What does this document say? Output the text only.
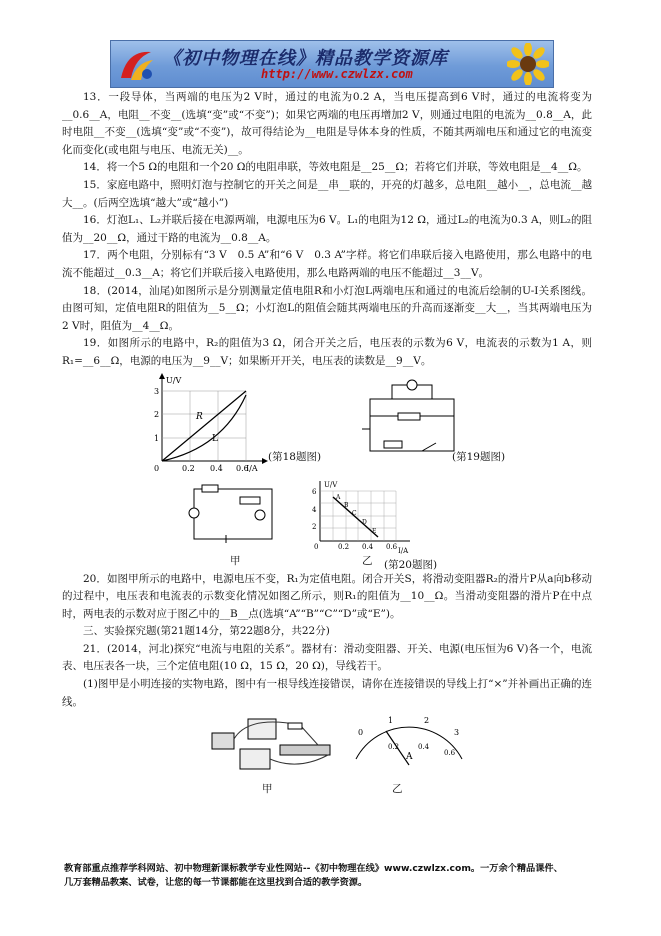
《初中物理在线》精品教学资源库
http://www.czwlzx.com

13．一段导体，当两端的电压为2 V时，通过的电流为0.2 A，当电压提高到6 V时，通过的电流将变为__0.6__A，电阻__不变__(选填“变”或“不变”)；如果它两端的电压再增加2 V，则通过电阻的电流为__0.8__A，此时电阻__不变__(选填“变”或“不变”)，故可得结论为__电阻是导体本身的性质，不随其两端电压和通过它的电流变化而变化(或电阻与电压、电流无关)__。

14．将一个5 Ω的电阻和一个20 Ω的电阻串联，等效电阻是__25__Ω；若将它们并联，等效电阻是__4__Ω。

15．家庭电路中，照明灯泡与控制它的开关之间是__串__联的，开亮的灯越多，总电阻__越小__，总电流__越大__。(后两空选填“越大”或“越小”)

16．灯泡L₁、L₂并联后接在电源两端，电源电压为6 V。L₁的电阻为12 Ω，通过L₂的电流为0.3 A，则L₂的阻值为__20__Ω，通过干路的电流为__0.8__A。

17．两个电阻，分别标有“3 V　0.5 A”和“6 V　0.3 A”字样。将它们串联后接入电路使用，那么电路中的电流不能超过__0.3__A；将它们并联后接入电路使用，那么电路两端的电压不能超过__3__V。

18．(2014，汕尾)如图所示是分别测量定值电阻R和小灯泡L两端电压和通过的电流后绘制的U-I关系图线。由图可知，定值电阻R的阻值为__5__Ω；小灯泡L的阻值会随其两端电压的升高而逐渐变__大__，当其两端电压为2 V时，阻值为__4__Ω。

19．如图所示的电路中，R₂的阻值为3 Ω，闭合开关之后，电压表的示数为6 V，电流表的示数为1 A，则R₁=__6__Ω，电源的电压为__9__V；如果断开开关，电压表的读数是__9__V。

R
L
U/V
I/A
0	0.2 0.4 0.6
1
2
3
(第18题图)	(第19题图)
甲
U/V
I/A
2
4
6
0	0.2 0.4 0.6
A
B
C
D
E
乙 (第20题图)

20．如图甲所示的电路中，电源电压不变，R₁为定值电阻。闭合开关S，将滑动变阻器R₂的滑片P从a向b移动的过程中，电压表和电流表的示数变化情况如图乙所示，则R₁的阻值为__10__Ω。当滑动变阻器的滑片P在中点时，两电表的示数对应于图乙中的__B__点(选填“A”“B”“C”“D”或“E”)。

三、实验探究题(第21题14分，第22题8分，共22分)

21．(2014，河北)探究“电流与电阻的关系”。器材有：滑动变阻器、开关、电源(电压恒为6 V)各一个，电流表、电压表各一块，三个定值电阻(10 Ω，15 Ω，20 Ω)，导线若干。

(1)图甲是小明连接的实物电路，图中有一根导线连接错误，请你在连接错误的导线上打“×”并补画出正确的连线。

甲
0
1	2
3
0.2	0.4
0.6
A
乙
教育部重点推荐学科网站、初中物理新课标教学专业性网站--《初中物理在线》www.czwlzx.com。一万余个精品课件、
几万套精品教案、试卷，让您的每一节课都能在这里找到合适的教学资源。
